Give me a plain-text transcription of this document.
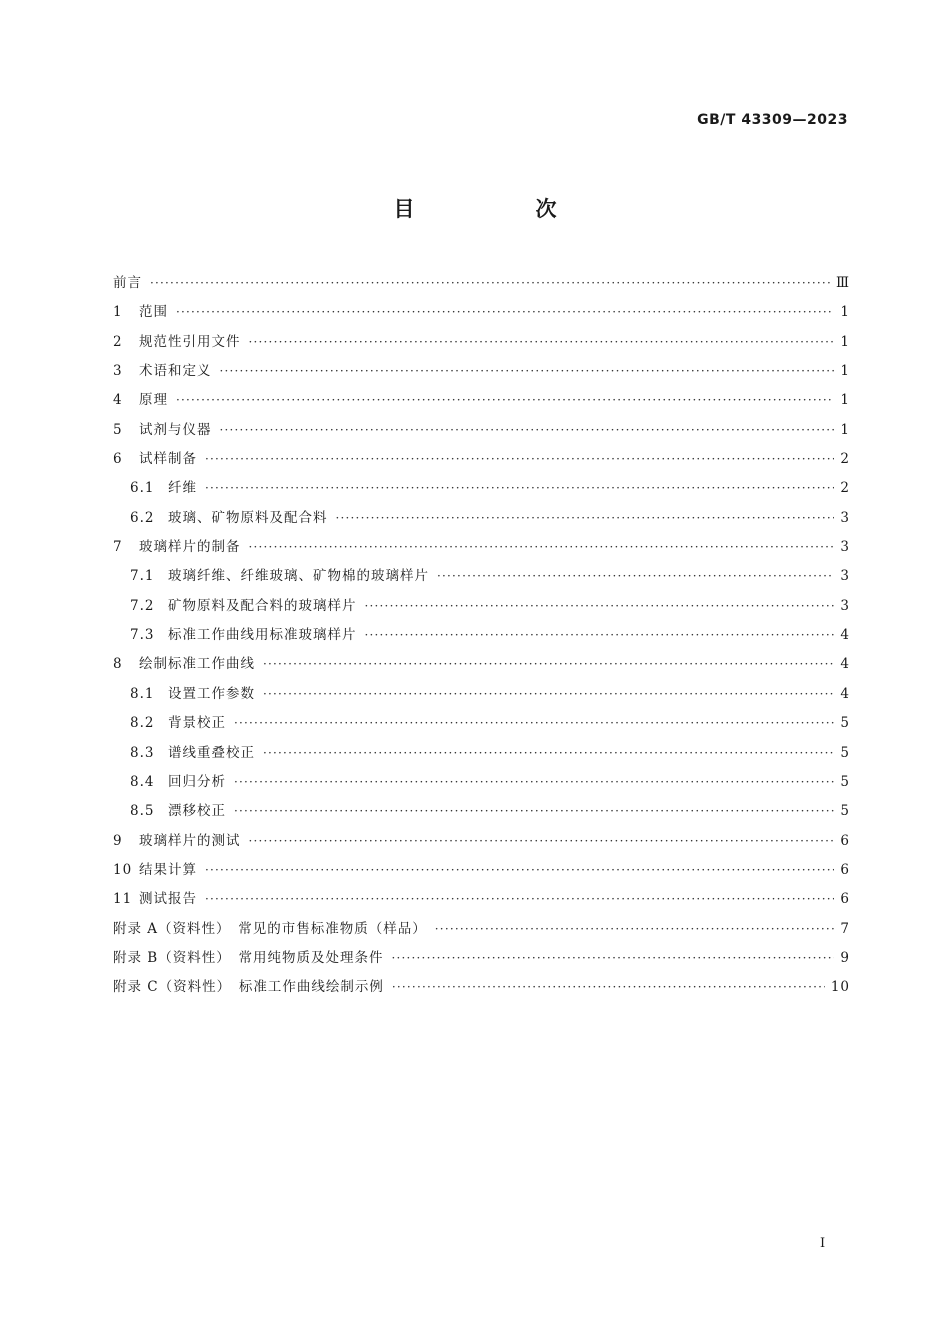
GB/T 43309—2023
目　次
前言 ·····	Ⅲ
1	范围 ·····	1
2	规范性引用文件 ·····	1
3	术语和定义 ·····	1
4	原理 ·····	1
5	试剂与仪器 ·····	1
6	试样制备 ·····	2
6.1	纤维 ·····	2
6.2	玻璃、矿物原料及配合料 ·····	3
7	玻璃样片的制备 ·····	3
7.1	玻璃纤维、纤维玻璃、矿物棉的玻璃样片 ·····	3
7.2	矿物原料及配合料的玻璃样片 ·····	3
7.3	标准工作曲线用标准玻璃样片 ·····	4
8	绘制标准工作曲线 ·····	4
8.1	设置工作参数 ·····	4
8.2	背景校正 ·····	5
8.3	谱线重叠校正 ·····	5
8.4	回归分析 ·····	5
8.5	漂移校正 ·····	5
9	玻璃样片的测试 ·····	6
10 结果计算 ·····	6
11 测试报告 ·····	6
附录 A（资料性）　常见的市售标准物质（样品） ·····	7
附录 B（资料性）　常用纯物质及处理条件 ·····	9
附录 C（资料性）　标准工作曲线绘制示例 ·····	10
Ⅰ
